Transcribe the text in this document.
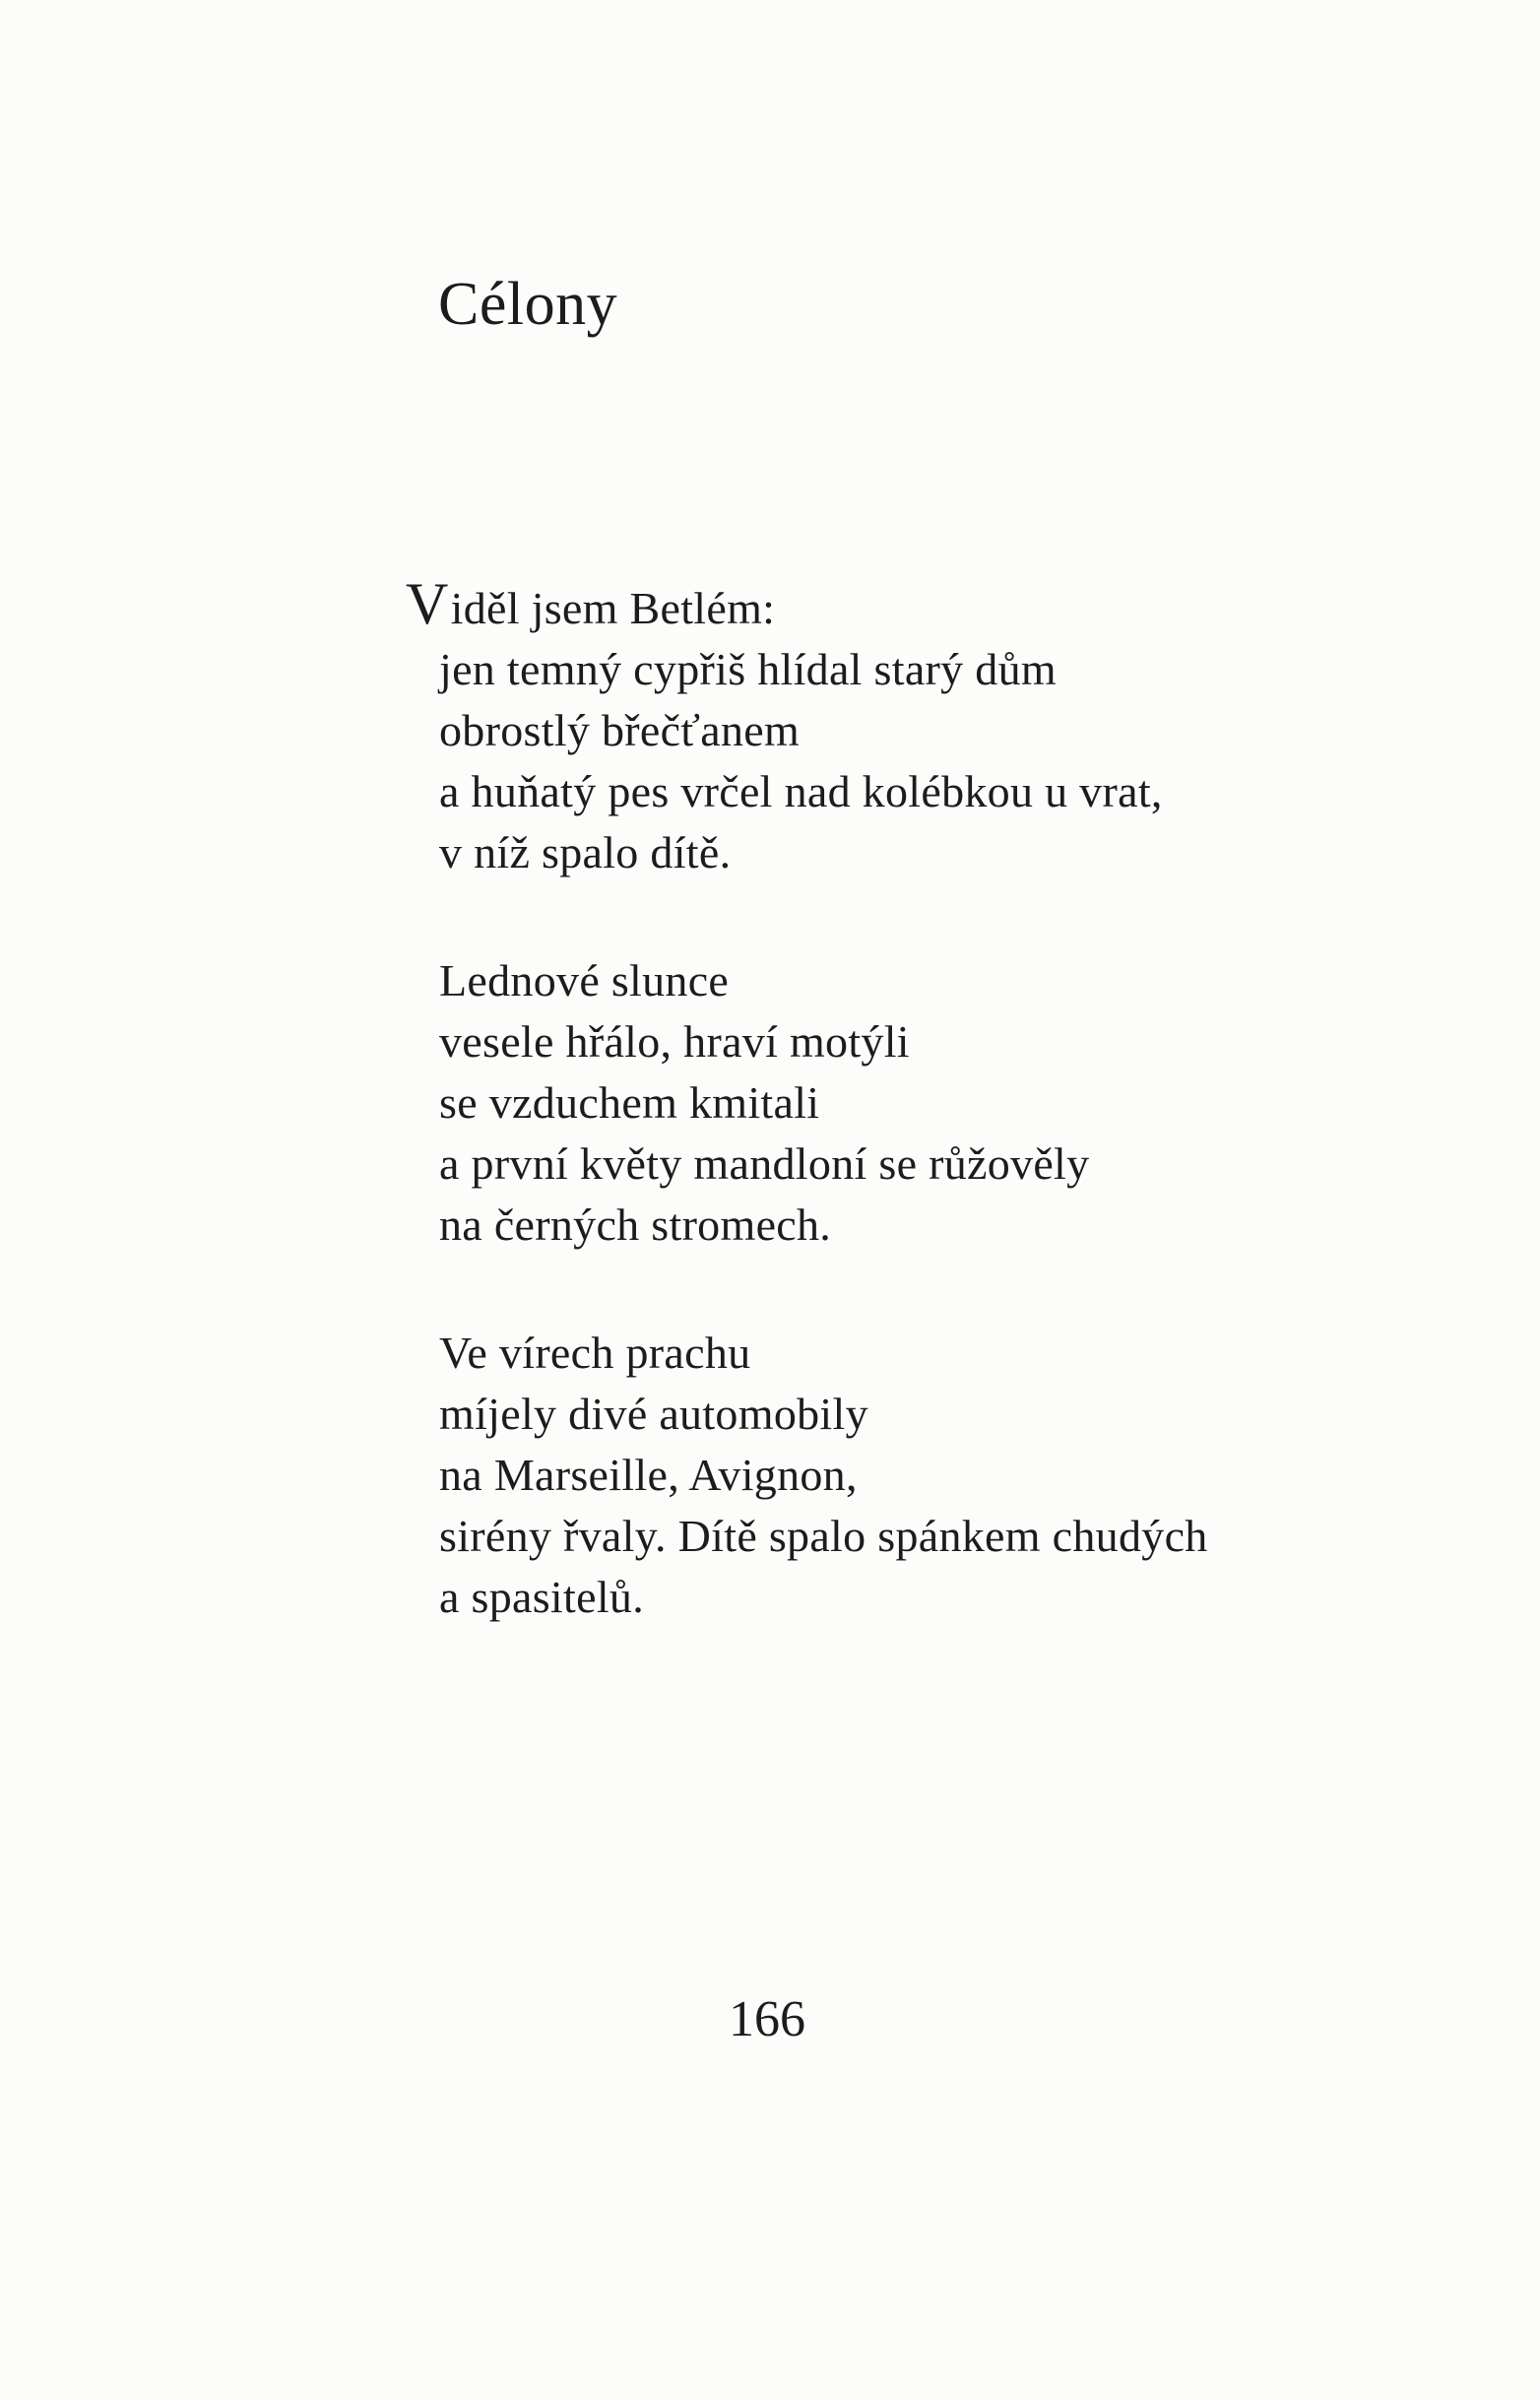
Célony
Viděl jsem Betlém:
jen temný cypřiš hlídal starý dům
obrostlý břečťanem
a huňatý pes vrčel nad kolébkou u vrat,
v níž spalo dítě.
Lednové slunce
vesele hřálo, hraví motýli
se vzduchem kmitali
a první květy mandloní se růžověly
na černých stromech.
Ve vírech prachu
míjely divé automobily
na Marseille, Avignon,
sirény řvaly. Dítě spalo spánkem chudých
a spasitelů.
166
